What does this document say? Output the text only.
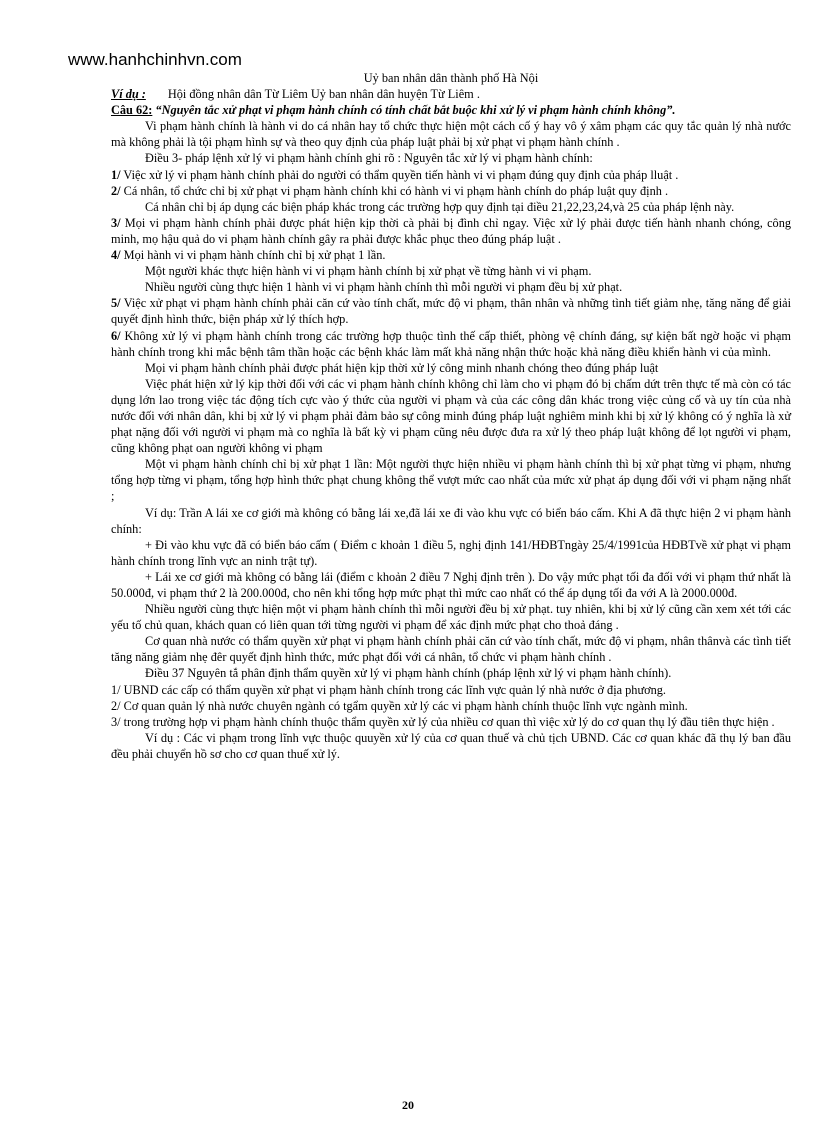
www.hanhchinhvn.com

Uỷ ban nhân dân thành phố Hà Nội

Ví dụ : Hội đồng nhân dân Từ Liêm Uỷ ban nhân dân huyện Từ Liêm .

Câu 62: “Nguyên tắc xử phạt vi phạm hành chính có tính chất bắt buộc khi xử lý vi phạm hành chính không”.

Vi phạm hành chính là hành vi do cá nhân hay tổ chức thực hiện một cách cố ý hay vô ý xâm phạm các quy tắc quản lý nhà nước mà không phải là tội phạm hình sự và theo quy định của pháp luật phải bị xử phạt vi phạm hành chính .

Điều 3- pháp lệnh xử lý vi phạm hành chính ghi rõ : Nguyên tắc xử lý vi phạm hành chính:

1/ Việc xử lý vi phạm hành chính phải do người có thẩm quyền tiến hành vi vi phạm đúng quy định của pháp lluật .

2/ Cá nhân, tổ chức chỉ bị xử phạt vi phạm hành chính khi có hành vi vi phạm hành chính do pháp luật quy định .

Cá nhân chỉ bị áp dụng các biện pháp khác trong các trường hợp quy định tại điều 21,22,23,24,và 25 của pháp lệnh này.

3/ Mọi vi phạm hành chính phải được phát hiện kịp thời cà phải bị đình chỉ ngay. Việc xử lý phải được tiến hành nhanh chóng, công minh, mọ hậu quả do vi phạm hành chính gây ra phải được khắc phục theo đúng pháp luật .

4/ Mọi hành vi vi phạm hành chính chỉ bị xử phạt 1 lần.

Một người khác thực hiện hành vi vi phạm hành chính bị xử phạt về từng hành vi vi phạm.

Nhiều người cùng thực hiện 1 hành vi vi phạm hành chính thì mỗi người vi phạm đều bị xử phạt.

5/ Việc xử phạt vi phạm hành chính phải căn cứ vào tính chất, mức độ vi phạm, thân nhân và những tình tiết giảm nhẹ, tăng năng để giải quyết định hình thức, biện pháp xử lý thích hợp.

6/ Không xử lý vi phạm hành chính trong các trường hợp thuộc tình thế cấp thiết, phòng vệ chính đáng, sự kiện bất ngờ hoặc vi phạm hành chính trong khi mắc bệnh tâm thần hoặc các bệnh khác làm mất khả năng nhận thức hoặc khả năng điều khiển hành vi của mình.

Mọi vi phạm hành chính phải được phát hiện kịp thời xử lý công minh nhanh chóng theo đúng pháp luật

Việc phát hiện xử lý kịp thời đối với các vi phạm hành chính không chỉ làm cho vi phạm đó bị chấm dứt trên thực tế mà còn có tác dụng lớn lao trong việc tác động tích cực vào ý thức của người vi phạm và của các công dân khác trong việc củng cố và uy tín của nhà nước đối với nhân dân, khi bị xử lý vi phạm phải đảm bảo sự công minh đúng pháp luật nghiêm minh khi bị xử lý không có ý nghĩa là xử phạt nặng đối với người vi phạm mà co nghĩa là bất kỳ vi phạm cũng nêu được đưa ra xử lý theo pháp luật không để lọt người vi phạm, cũng không phạt oan người không vi phạm

Một vi phạm hành chính chỉ bị xử phạt 1 lần: Một người thực hiện nhiều vi phạm hành chính thì bị xử phạt từng vi phạm, nhưng tổng hợp từng vi phạm, tổng hợp hình thức phạt chung không thể vượt mức cao nhất của mức xử phạt áp dụng đối với vi phạm nặng nhất ;

Ví dụ: Trần A lái xe cơ giới mà không có bằng lái xe,đã lái xe đi vào khu vực có biển báo cấm. Khi A đã thực hiện 2 vi phạm hành chính:

+ Đi vào khu vực đã có biển báo cấm ( Điểm c khoản 1 điều 5, nghị định 141/HĐBTngày 25/4/1991của HĐBTvề xử phạt vi phạm hành chính trong lĩnh vực an ninh trật tự).

+ Lái xe cơ giới mà không có bằng lái (điểm c khoản 2 điều 7 Nghị định trên ). Do vậy mức phạt tối đa đối với vi phạm thứ nhất là 50.000đ, vi phạm thứ 2 là 200.000đ, cho nên khi tổng hợp mức phạt thì mức cao nhất có thể áp dụng tối đa với A là 2000.000đ.

Nhiều người cùng thực hiện một vi phạm hành chính thì mỗi người đều bị xử phạt. tuy nhiên, khi bị xử lý cũng cần xem xét tới các yếu tố chủ quan, khách quan có liên quan tới từng người vi phạm để xác định mức phạt cho thoả đáng .

Cơ quan nhà nước có thẩm quyền xử phạt vi phạm hành chính phải căn cứ vào tính chất, mức độ vi phạm, nhân thânvà các tình tiết tăng năng giảm nhẹ đêr quyết định hình thức, mức phạt đối với cá nhân, tổ chức vi phạm hành chính .

Điều 37 Nguyên tắ phân định thẩm quyền xử lý vi phạm hành chính (pháp lệnh xử lý vi phạm hành chính).

1/ UBND các cấp có thẩm quyền xử phạt vi phạm hành chính trong các lĩnh vực quản lý nhà nước ở địa phương.

2/ Cơ quan quản lý nhà nước chuyên ngành có tgẩm quyền xử lý các vi phạm hành chính thuộc lĩnh vực ngành mình.

3/ trong trường hợp vi phạm hành chính thuộc thẩm quyền xử lý của nhiều cơ quan thì việc xử lý do cơ quan thụ lý đầu tiên thực hiện .

Ví dụ : Các vi phạm trong lĩnh vực thuộc quuyền xử lý của cơ quan thuế và chủ tịch UBND. Các cơ quan khác đã thụ lý ban đầu đều phải chuyển hồ sơ cho cơ quan thuế xử lý.

20
